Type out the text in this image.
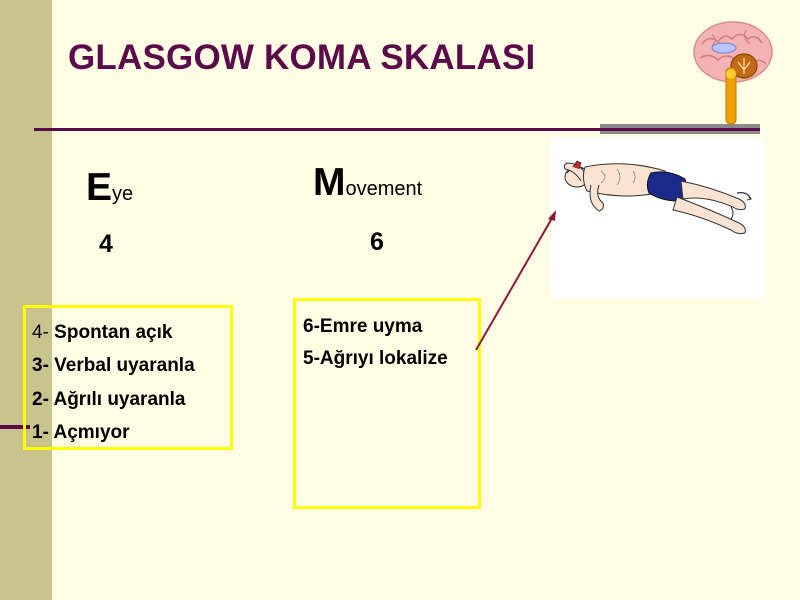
GLASGOW KOMA SKALASI
Eye
4
Movement
6
4- Spontan açık
3- Verbal uyaranla
2- Ağrılı uyaranla
1- Açmıyor
6-Emre uyma
5-Ağrıyı lokalize
